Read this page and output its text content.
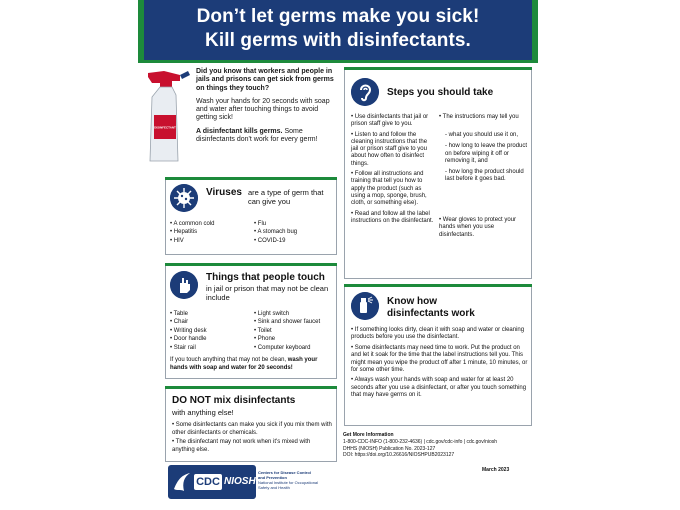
Don’t let germs make you sick!
Kill germs with disinfectants.
DISINFECTANT

Did you know that workers and people in jails and prisons can get sick from germs on things they touch?

Wash your hands for 20 seconds with soap and water after touching things to avoid getting sick!

A disinfectant kills germs. Some disinfectants don't work for every germ!

Viruses are a type of germ that can give you
• A common cold
• Hepatitis
• HIV
• Flu
• A stomach bug
• COVID-19
Things that people touch
in jail or prison that may not be clean include
• Table
• Chair
• Writing desk
• Door handle
• Stair rail
• Light switch
• Sink and shower faucet
• Toilet
• Phone
• Computer keyboard
If you touch anything that may not be clean, wash your hands with soap and water for 20 seconds!
DO NOT mix disinfectants
with anything else!
• Some disinfectants can make you sick if you mix them with other disinfectants or chemicals.
• The disinfectant may not work when it's mixed with anything else.
Steps you should take
• Use disinfectants that jail or prison staff give to you.
• Listen to and follow the cleaning instructions that the jail or prison staff give to you about how often to disinfect things.
• Follow all instructions and training that tell you how to apply the product (such as using a mop, sponge, brush, cloth, or something else).
• Read and follow all the label instructions on the disinfectant.
• The instructions may tell you
- what you should use it on,
- how long to leave the product on before wiping it off or removing it, and
- how long the product should last before it goes bad.
• Wear gloves to protect your hands when you use disinfectants.
Know how
disinfectants work
• If something looks dirty, clean it with soap and water or cleaning products before you use the disinfectant.
• Some disinfectants may need time to work. Put the product on and let it soak for the time that the label instructions tell you. This might mean you wipe the product off after 1 minute, 10 minutes, or for some other time.
• Always wash your hands with soap and water for at least 20 seconds after you use a disinfectant, or after you touch something that may have germs on it.
Get More Information
1-800-CDC-INFO (1-800-232-4636) | cdc.gov/cdc-info | cdc.gov/niosh
DHHS (NIOSH) Publication No. 2023-127
DOI: https://doi.org/10.26616/NIOSHPUB2023127
March 2023
CDC NIOSH
Centers for Disease Control
and Prevention
National Institute for Occupational
Safety and Health
